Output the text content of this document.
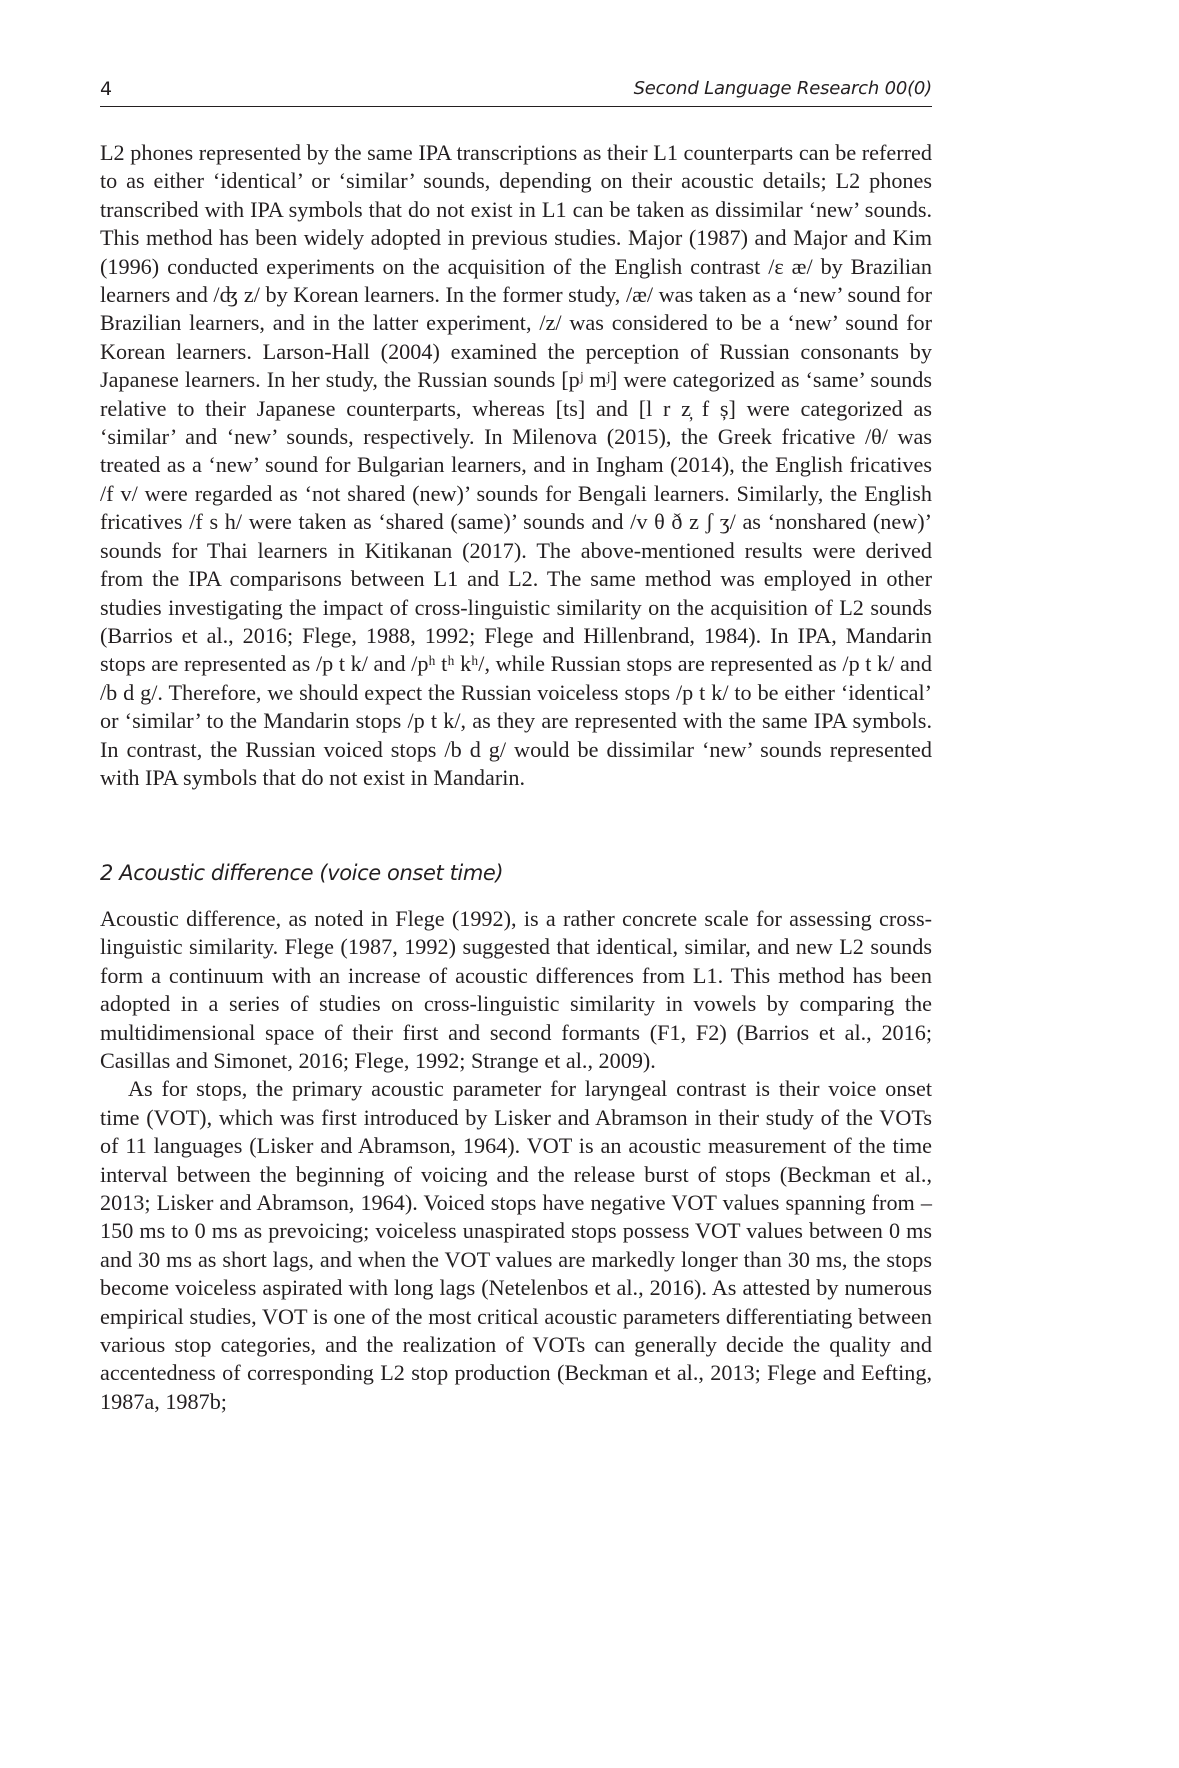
4	Second Language Research 00(0)

L2 phones represented by the same IPA transcriptions as their L1 counterparts can be referred to as either ‘identical’ or ‘similar’ sounds, depending on their acoustic details; L2 phones transcribed with IPA symbols that do not exist in L1 can be taken as dissimilar ‘new’ sounds. This method has been widely adopted in previous studies. Major (1987) and Major and Kim (1996) conducted experiments on the acquisition of the English contrast /ɛ æ/ by Brazilian learners and /ʤ z/ by Korean learners. In the former study, /æ/ was taken as a ‘new’ sound for Brazilian learners, and in the latter experiment, /z/ was considered to be a ‘new’ sound for Korean learners. Larson-Hall (2004) examined the perception of Russian consonants by Japanese learners. In her study, the Russian sounds [pʲ mʲ] were categorized as ‘same’ sounds relative to their Japanese counterparts, whereas [ts] and [l r z̦ f ș] were categorized as ‘similar’ and ‘new’ sounds, respectively. In Milenova (2015), the Greek fricative /θ/ was treated as a ‘new’ sound for Bulgarian learners, and in Ingham (2014), the English fricatives /f v/ were regarded as ‘not shared (new)’ sounds for Bengali learners. Similarly, the English fricatives /f s h/ were taken as ‘shared (same)’ sounds and /v θ ð z ʃ ʒ/ as ‘nonshared (new)’ sounds for Thai learners in Kitikanan (2017). The above-mentioned results were derived from the IPA comparisons between L1 and L2. The same method was employed in other studies investigating the impact of cross-linguistic similarity on the acquisition of L2 sounds (Barrios et al., 2016; Flege, 1988, 1992; Flege and Hillenbrand, 1984). In IPA, Mandarin stops are represented as /p t k/ and /pʰ tʰ kʰ/, while Russian stops are represented as /p t k/ and /b d g/. Therefore, we should expect the Russian voiceless stops /p t k/ to be either ‘identical’ or ‘similar’ to the Mandarin stops /p t k/, as they are represented with the same IPA symbols. In contrast, the Russian voiced stops /b d g/ would be dissimilar ‘new’ sounds represented with IPA symbols that do not exist in Mandarin.

2 Acoustic difference (voice onset time)

Acoustic difference, as noted in Flege (1992), is a rather concrete scale for assessing cross-linguistic similarity. Flege (1987, 1992) suggested that identical, similar, and new L2 sounds form a continuum with an increase of acoustic differences from L1. This method has been adopted in a series of studies on cross-linguistic similarity in vowels by comparing the multidimensional space of their first and second formants (F1, F2) (Barrios et al., 2016; Casillas and Simonet, 2016; Flege, 1992; Strange et al., 2009).

As for stops, the primary acoustic parameter for laryngeal contrast is their voice onset time (VOT), which was first introduced by Lisker and Abramson in their study of the VOTs of 11 languages (Lisker and Abramson, 1964). VOT is an acoustic measurement of the time interval between the beginning of voicing and the release burst of stops (Beckman et al., 2013; Lisker and Abramson, 1964). Voiced stops have negative VOT values spanning from –150 ms to 0 ms as prevoicing; voiceless unaspirated stops possess VOT values between 0 ms and 30 ms as short lags, and when the VOT values are markedly longer than 30 ms, the stops become voiceless aspirated with long lags (Netelenbos et al., 2016). As attested by numerous empirical studies, VOT is one of the most critical acoustic parameters differentiating between various stop categories, and the realization of VOTs can generally decide the quality and accentedness of corresponding L2 stop production (Beckman et al., 2013; Flege and Eefting, 1987a, 1987b;
